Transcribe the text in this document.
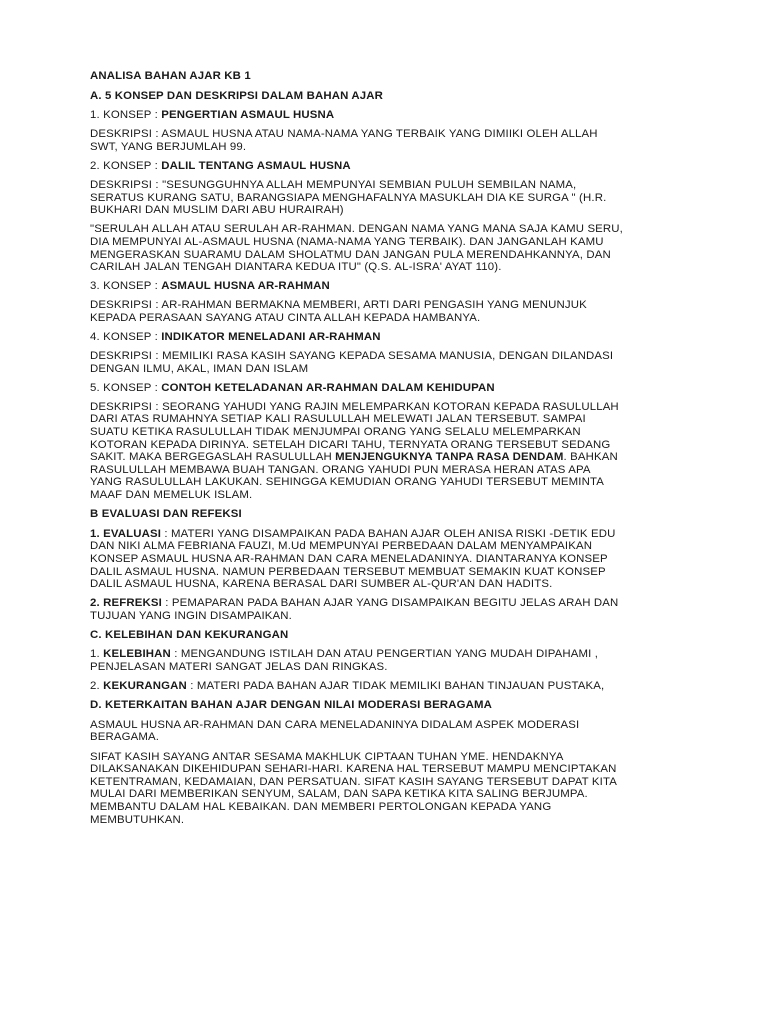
ANALISA BAHAN AJAR KB 1
A. 5 KONSEP DAN DESKRIPSI DALAM BAHAN AJAR
1. KONSEP : PENGERTIAN ASMAUL HUSNA
DESKRIPSI : ASMAUL HUSNA ATAU NAMA-NAMA YANG TERBAIK YANG DIMIIKI OLEH ALLAH
SWT, YANG BERJUMLAH 99.
2. KONSEP : DALIL TENTANG ASMAUL HUSNA
DESKRIPSI : "SESUNGGUHNYA ALLAH MEMPUNYAI SEMBIAN PULUH SEMBILAN NAMA,
SERATUS KURANG SATU, BARANGSIAPA MENGHAFALNYA MASUKLAH DIA KE SURGA " (H.R.
BUKHARI DAN MUSLIM DARI ABU HURAIRAH)
"SERULAH ALLAH ATAU SERULAH AR-RAHMAN. DENGAN NAMA YANG MANA SAJA KAMU SERU,
DIA MEMPUNYAI AL-ASMAUL HUSNA (NAMA-NAMA YANG TERBAIK). DAN JANGANLAH KAMU
MENGERASKAN SUARAMU DALAM SHOLATMU DAN JANGAN PULA MERENDAHKANNYA, DAN
CARILAH JALAN TENGAH DIANTARA KEDUA ITU" (Q.S. AL-ISRA' AYAT 110).
3. KONSEP : ASMAUL HUSNA AR-RAHMAN
DESKRIPSI : AR-RAHMAN BERMAKNA MEMBERI, ARTI DARI PENGASIH YANG MENUNJUK
KEPADA PERASAAN SAYANG ATAU CINTA ALLAH KEPADA HAMBANYA.
4. KONSEP : INDIKATOR MENELADANI AR-RAHMAN
DESKRIPSI : MEMILIKI RASA KASIH SAYANG KEPADA SESAMA MANUSIA, DENGAN DILANDASI
DENGAN ILMU, AKAL, IMAN DAN ISLAM
5. KONSEP : CONTOH KETELADANAN AR-RAHMAN DALAM KEHIDUPAN
DESKRIPSI : SEORANG YAHUDI YANG RAJIN MELEMPARKAN KOTORAN KEPADA RASULULLAH
DARI ATAS RUMAHNYA SETIAP KALI RASULULLAH MELEWATI JALAN TERSEBUT. SAMPAI
SUATU KETIKA RASULULLAH TIDAK MENJUMPAI ORANG YANG SELALU MELEMPARKAN
KOTORAN KEPADA DIRINYA. SETELAH DICARI TAHU, TERNYATA ORANG TERSEBUT SEDANG
SAKIT. MAKA BERGEGASLAH RASULULLAH MENJENGUKNYA TANPA RASA DENDAM. BAHKAN
RASULULLAH MEMBAWA BUAH TANGAN. ORANG YAHUDI PUN MERASA HERAN ATAS APA
YANG RASULULLAH LAKUKAN. SEHINGGA KEMUDIAN ORANG YAHUDI TERSEBUT MEMINTA
MAAF DAN MEMELUK ISLAM.
B EVALUASI DAN REFEKSI
1. EVALUASI : MATERI YANG DISAMPAIKAN PADA BAHAN AJAR OLEH ANISA RISKI -DETIK EDU
DAN NIKI ALMA FEBRIANA FAUZI, M.Ud MEMPUNYAI PERBEDAAN DALAM MENYAMPAIKAN
KONSEP ASMAUL HUSNA AR-RAHMAN DAN CARA MENELADANINYA. DIANTARANYA KONSEP
DALIL ASMAUL HUSNA. NAMUN PERBEDAAN TERSEBUT MEMBUAT SEMAKIN KUAT KONSEP
DALIL ASMAUL HUSNA, KARENA BERASAL DARI SUMBER AL-QUR'AN DAN HADITS.
2. REFREKSI : PEMAPARAN PADA BAHAN AJAR YANG DISAMPAIKAN BEGITU JELAS ARAH DAN
TUJUAN YANG INGIN DISAMPAIKAN.
C. KELEBIHAN DAN KEKURANGAN
1. KELEBIHAN : MENGANDUNG ISTILAH DAN ATAU PENGERTIAN YANG MUDAH DIPAHAMI ,
PENJELASAN MATERI SANGAT JELAS DAN RINGKAS.
2. KEKURANGAN : MATERI PADA BAHAN AJAR TIDAK MEMILIKI BAHAN TINJAUAN PUSTAKA,
D. KETERKAITAN BAHAN AJAR DENGAN NILAI MODERASI BERAGAMA
ASMAUL HUSNA AR-RAHMAN DAN CARA MENELADANINYA DIDALAM ASPEK MODERASI
BERAGAMA.
SIFAT KASIH SAYANG ANTAR SESAMA MAKHLUK CIPTAAN TUHAN YME. HENDAKNYA
DILAKSANAKAN DIKEHIDUPAN SEHARI-HARI. KARENA HAL TERSEBUT MAMPU MENCIPTAKAN
KETENTRAMAN, KEDAMAIAN, DAN PERSATUAN. SIFAT KASIH SAYANG TERSEBUT DAPAT KITA
MULAI DARI MEMBERIKAN SENYUM, SALAM, DAN SAPA KETIKA KITA SALING BERJUMPA.
MEMBANTU DALAM HAL KEBAIKAN. DAN MEMBERI PERTOLONGAN KEPADA YANG
MEMBUTUHKAN.
